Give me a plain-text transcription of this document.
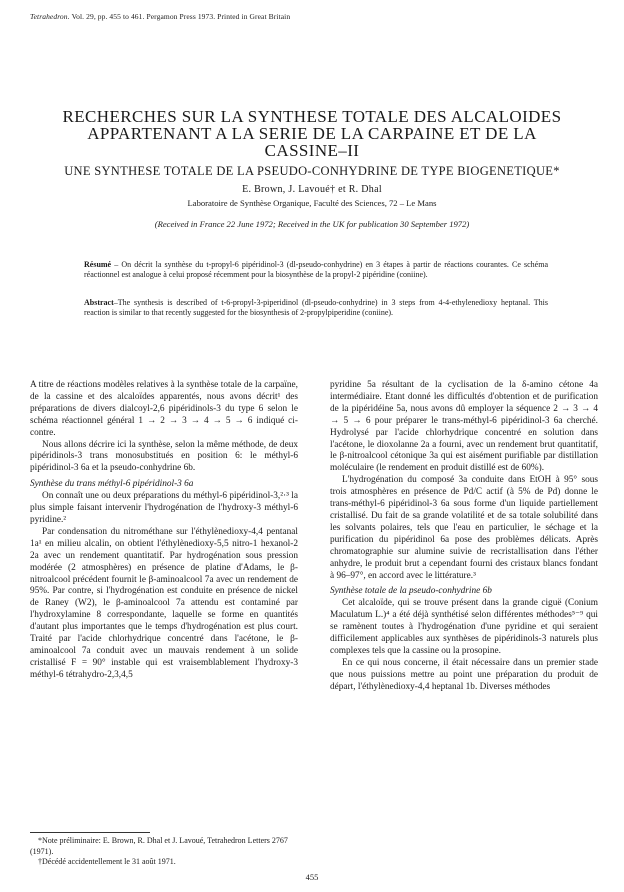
Tetrahedron. Vol. 29, pp. 455 to 461. Pergamon Press 1973. Printed in Great Britain
RECHERCHES SUR LA SYNTHESE TOTALE DES ALCALOIDES APPARTENANT A LA SERIE DE LA CARPAINE ET DE LA CASSINE–II
UNE SYNTHESE TOTALE DE LA PSEUDO-CONHYDRINE DE TYPE BIOGENETIQUE*
E. Brown, J. Lavoué† et R. Dhal
Laboratoire de Synthèse Organique, Faculté des Sciences, 72 – Le Mans
(Received in France 22 June 1972; Received in the UK for publication 30 September 1972)
Résumé – On décrit la synthèse du t-propyl-6 pipéridinol-3 (dl-pseudo-conhydrine) en 3 étapes à partir de réactions courantes. Ce schéma réactionnel est analogue à celui proposé récemment pour la biosynthèse de la propyl-2 pipéridine (coniine).
Abstract–The synthesis is described of t-6-propyl-3-piperidinol (dl-pseudo-conhydrine) in 3 steps from 4-4-ethylenedioxy heptanal. This reaction is similar to that recently suggested for the biosynthesis of 2-propylpiperidine (coniine).

A titre de réactions modèles relatives à la synthèse totale de la carpaïne, de la cassine et des alcaloïdes apparentés, nous avons décrit¹ des préparations de divers dialcoyl-2,6 pipéridinols-3 du type 6 selon le schéma réactionnel général 1 → 2 → 3 → 4 → 5 → 6 indiqué ci-contre.

Nous allons décrire ici la synthèse, selon la même méthode, de deux pipéridinols-3 trans monosubstitués en position 6: le méthyl-6 pipéridinol-3 6a et la pseudo-conhydrine 6b.

Synthèse du trans méthyl-6 pipéridinol-3 6a

On connaît une ou deux préparations du méthyl-6 pipéridinol-3,²·³ la plus simple faisant intervenir l'hydrogénation de l'hydroxy-3 méthyl-6 pyridine.²

Par condensation du nitrométhane sur l'éthylènedioxy-4,4 pentanal 1a¹ en milieu alcalin, on obtient l'éthylènedioxy-5,5 nitro-1 hexanol-2 2a avec un rendement quantitatif. Par hydrogénation sous pression modérée (2 atmosphères) en présence de platine d'Adams, le β-nitroalcool précédent fournit le β-aminoalcool 7a avec un rendement de 95%. Par contre, si l'hydrogénation est conduite en présence de nickel de Raney (W2), le β-aminoalcool 7a attendu est contaminé par l'hydroxylamine 8 correspondante, laquelle se forme en quantités d'autant plus importantes que le temps d'hydrogénation est plus court. Traité par l'acide chlorhydrique concentré dans l'acétone, le β-aminoalcool 7a conduit avec un mauvais rendement à un solide cristallisé F = 90° instable qui est vraisemblablement l'hydroxy-3 méthyl-6 tétrahydro-2,3,4,5

pyridine 5a résultant de la cyclisation de la δ-amino cétone 4a intermédiaire. Etant donné les difficultés d'obtention et de purification de la pipéridéine 5a, nous avons dû employer la séquence 2 → 3 → 4 → 5 → 6 pour préparer le trans-méthyl-6 pipéridinol-3 6a cherché. Hydrolysé par l'acide chlorhydrique concentré en solution dans l'acétone, le dioxolanne 2a a fourni, avec un rendement brut quantitatif, le β-nitroalcool cétonique 3a qui est aisément purifiable par distillation moléculaire (le rendement en produit distillé est de 60%).

L'hydrogénation du composé 3a conduite dans EtOH à 95° sous trois atmosphères en présence de Pd/C actif (à 5% de Pd) donne le trans-méthyl-6 pipéridinol-3 6a sous forme d'un liquide partiellement cristallisé. Du fait de sa grande volatilité et de sa totale solubilité dans les solvants polaires, tels que l'eau en particulier, le séchage et la purification du pipéridinol 6a pose des problèmes délicats. Après chromatographie sur alumine suivie de recristallisation dans l'éther anhydre, le produit brut a cependant fourni des cristaux blancs fondant à 96–97°, en accord avec le littérature.³

Synthèse totale de la pseudo-conhydrine 6b

Cet alcaloïde, qui se trouve présent dans la grande ciguë (Conium Maculatum L.)⁴ a été déjà synthétisé selon différentes méthodes⁵⁻⁹ qui se ramènent toutes à l'hydrogénation d'une pyridine et qui seraient difficilement applicables aux synthèses de pipéridinols-3 naturels plus complexes tels que la cassine ou la prosopine.

En ce qui nous concerne, il était nécessaire dans un premier stade que nous puissions mettre au point une préparation du produit de départ, l'éthylènedioxy-4,4 heptanal 1b. Diverses méthodes

*Note préliminaire: E. Brown, R. Dhal et J. Lavoué, Tetrahedron Letters 2767 (1971).

†Décédé accidentellement le 31 août 1971.

455
